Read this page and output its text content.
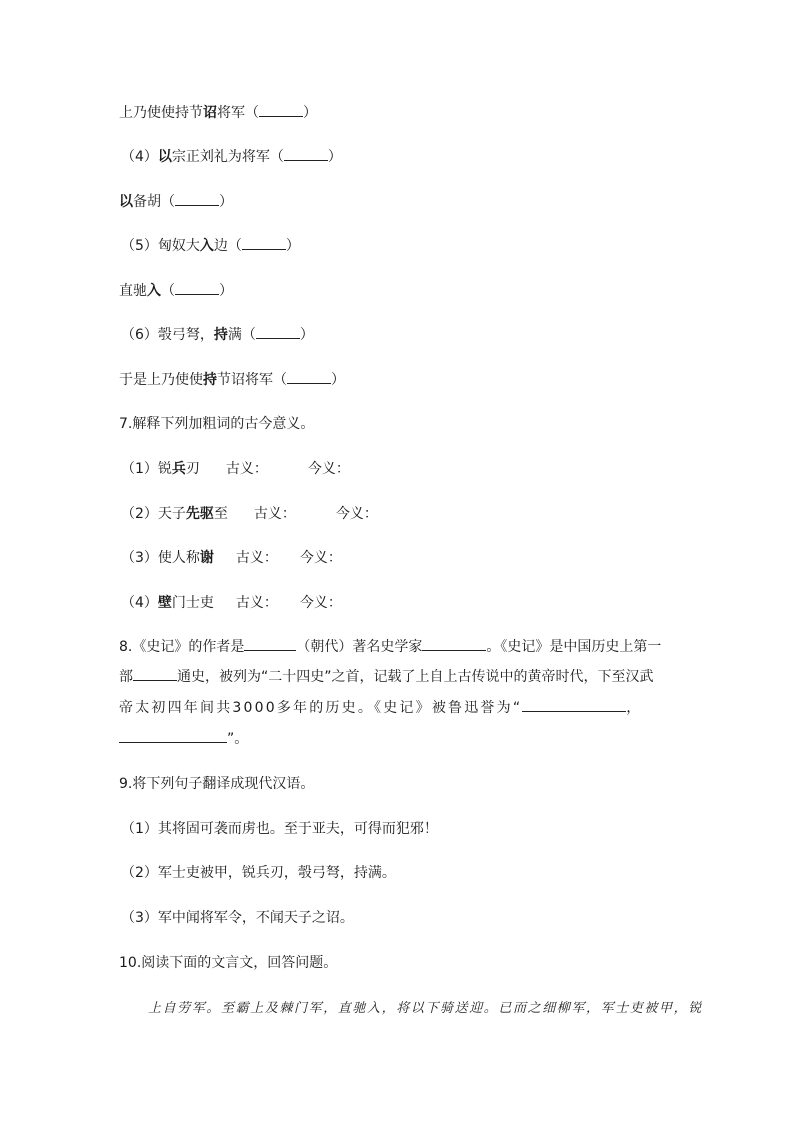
上乃使使持节诏将军（	）
（4）以宗正刘礼为将军（	）
以备胡（	）
（5）匈奴大入边（	）
直驰入（	）
（6）彀弓弩，持满（	）
于是上乃使使持节诏将军（	）
7.解释下列加粗词的古今意义。
（1）锐兵刃 古义：	今义：
（2）天子先驱至 古义：	今义：
（3）使人称谢 古义： 今义：
（4）壁门士吏 古义： 今义：
8.《史记》的作者是	（朝代）著名史学家	。《史记》是中国历史上第一
部	通史，被列为“二十四史”之首，记载了上自上古传说中的黄帝时代，下至汉武
帝太初四年间共3000多年的历史。《史记》被鲁迅誉为“	，
”。
9.将下列句子翻译成现代汉语。
（1）其将固可袭而虏也。至于亚夫，可得而犯邪！
（2）军士吏被甲，锐兵刃，彀弓弩，持满。
（3）军中闻将军令，不闻天子之诏。
10.阅读下面的文言文，回答问题。
上自劳军。至霸上及棘门军，直驰入，将以下骑送迎。已而之细柳军，军士吏被甲，锐
